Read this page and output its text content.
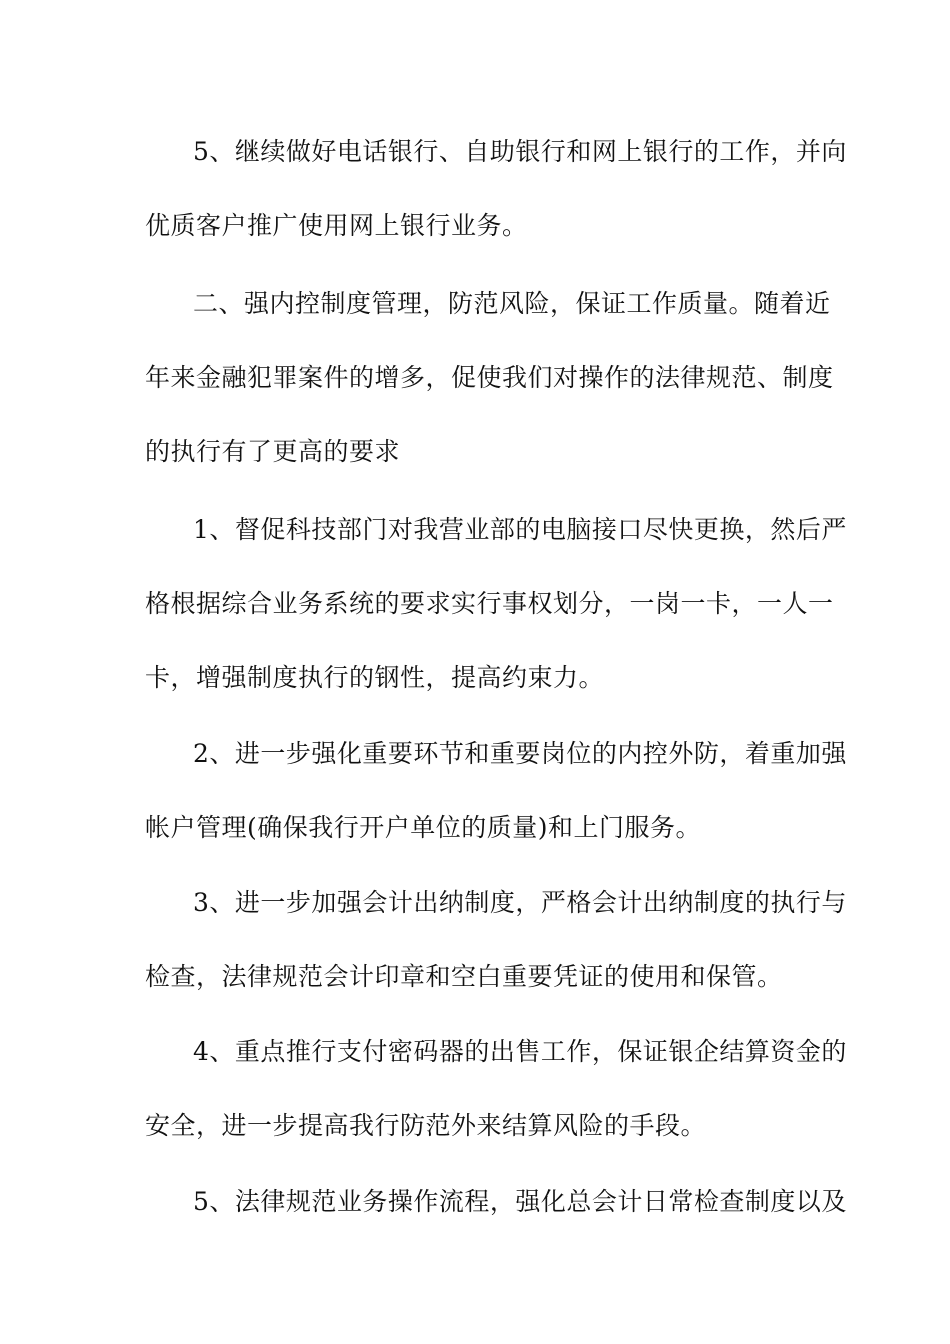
5、继续做好电话银行、自助银行和网上银行的工作，并向
优质客户推广使用网上银行业务。
二、强内控制度管理，防范风险，保证工作质量。随着近
年来金融犯罪案件的增多，促使我们对操作的法律规范、制度
的执行有了更高的要求
1、督促科技部门对我营业部的电脑接口尽快更换，然后严
格根据综合业务系统的要求实行事权划分，一岗一卡，一人一
卡，增强制度执行的钢性，提高约束力。
2、进一步强化重要环节和重要岗位的内控外防，着重加强
帐户管理(确保我行开户单位的质量)和上门服务。
3、进一步加强会计出纳制度，严格会计出纳制度的执行与
检查，法律规范会计印章和空白重要凭证的使用和保管。
4、重点推行支付密码器的出售工作，保证银企结算资金的
安全，进一步提高我行防范外来结算风险的手段。
5、法律规范业务操作流程，强化总会计日常检查制度以及
